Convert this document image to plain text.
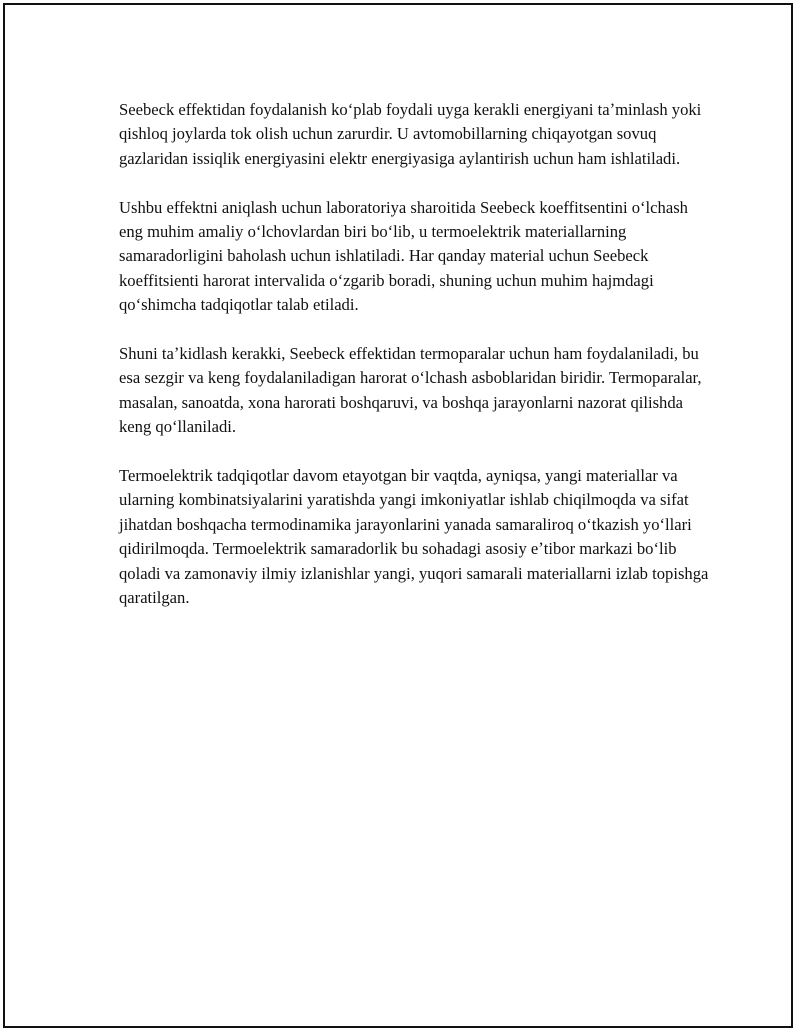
Seebeck effektidan foydalanish koʻplab foydali uyga kerakli energiyani taʼminlash yoki qishloq joylarda tok olish uchun zarurdir. U avtomobillarning chiqayotgan sovuq gazlaridan issiqlik energiyasini elektr energiyasiga aylantirish uchun ham ishlatiladi.

Ushbu effektni aniqlash uchun laboratoriya sharoitida Seebeck koeffitsentini oʻlchash eng muhim amaliy oʻlchovlardan biri boʻlib, u termoelektrik materiallarning samaradorligini baholash uchun ishlatiladi. Har qanday material uchun Seebeck koeffitsienti harorat intervalida oʻzgarib boradi, shuning uchun muhim hajmdagi qoʻshimcha tadqiqotlar talab etiladi.

Shuni taʼkidlash kerakki, Seebeck effektidan termoparalar uchun ham foydalaniladi, bu esa sezgir va keng foydalaniladigan harorat oʻlchash asboblaridan biridir. Termoparalar, masalan, sanoatda, xona harorati boshqaruvi, va boshqa jarayonlarni nazorat qilishda keng qoʻllaniladi.

Termoelektrik tadqiqotlar davom etayotgan bir vaqtda, ayniqsa, yangi materiallar va ularning kombinatsiyalarini yaratishda yangi imkoniyatlar ishlab chiqilmoqda va sifat jihatdan boshqacha termodinamika jarayonlarini yanada samaraliroq oʻtkazish yoʻllari qidirilmoqda. Termoelektrik samaradorlik bu sohadagi asosiy eʼtibor markazi boʻlib qoladi va zamonaviy ilmiy izlanishlar yangi, yuqori samarali materiallarni izlab topishga qaratilgan.
